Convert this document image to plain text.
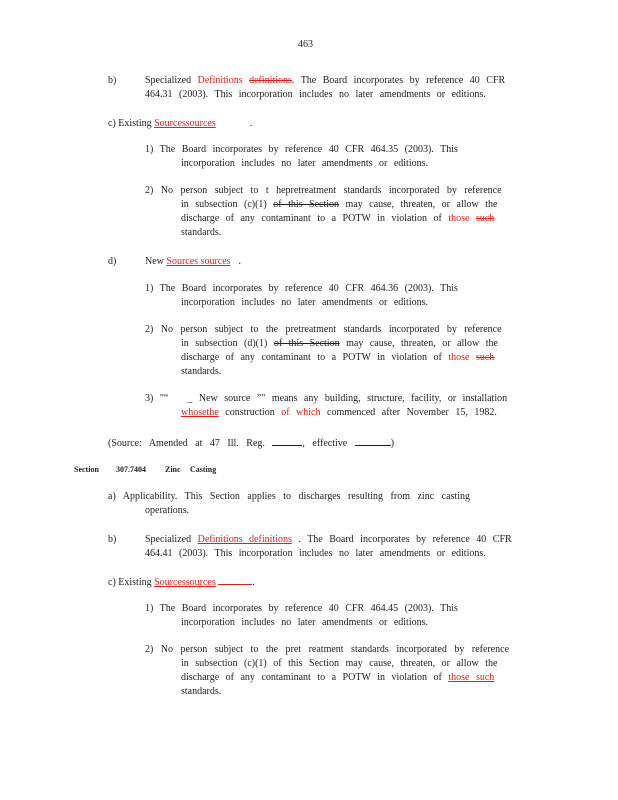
463
b)	Specialized Definitions definitions. The Board incorporates by reference 40 CFR
464.31 (2003). This incorporation includes no later amendments or editions.
c) Existing Sourcessources	.
1) The Board incorporates by reference 40 CFR 464.35 (2003). This
incorporation includes no later amendments or editions.
2) No person subject to t hepretreatment standards incorporated by reference
in subsection (c)(1) of this Section may cause, threaten, or allow the
discharge of any contaminant to a POTW in violation of those such
standards.
d)	New Sources sources .
1) The Board incorporates by reference 40 CFR 464.36 (2003). This
incorporation includes no later amendments or editions.
2) No person subject to the pretreatment standards incorporated by reference
in subsection (d)(1) of this Section may cause, threaten, or allow the
discharge of any contaminant to a POTW in violation of those such
standards.
3) "“ _ New source ”" means any building, structure, facility, or installation
whosethe construction of which commenced after November 15, 1982.
(Source: Amended at 47 Ill. Reg.	, effective	)
Section 307.7404 Zinc Casting
a) Applicability. This Section applies to discharges resulting from zinc casting
operations.
b)	Specialized Definitions definitions . The Board incorporates by reference 40 CFR
464.41 (2003). This incorporation includes no later amendments or editions.
c) Existing Sourcessources	.
1) The Board incorporates by reference 40 CFR 464.45 (2003). This
incorporation includes no later amendments or editions.
2) No person subject to the pret reatment standards incorporated by reference
in subsection (c)(1) of this Section may cause, threaten, or allow the
discharge of any contaminant to a POTW in violation of those such
standards.
